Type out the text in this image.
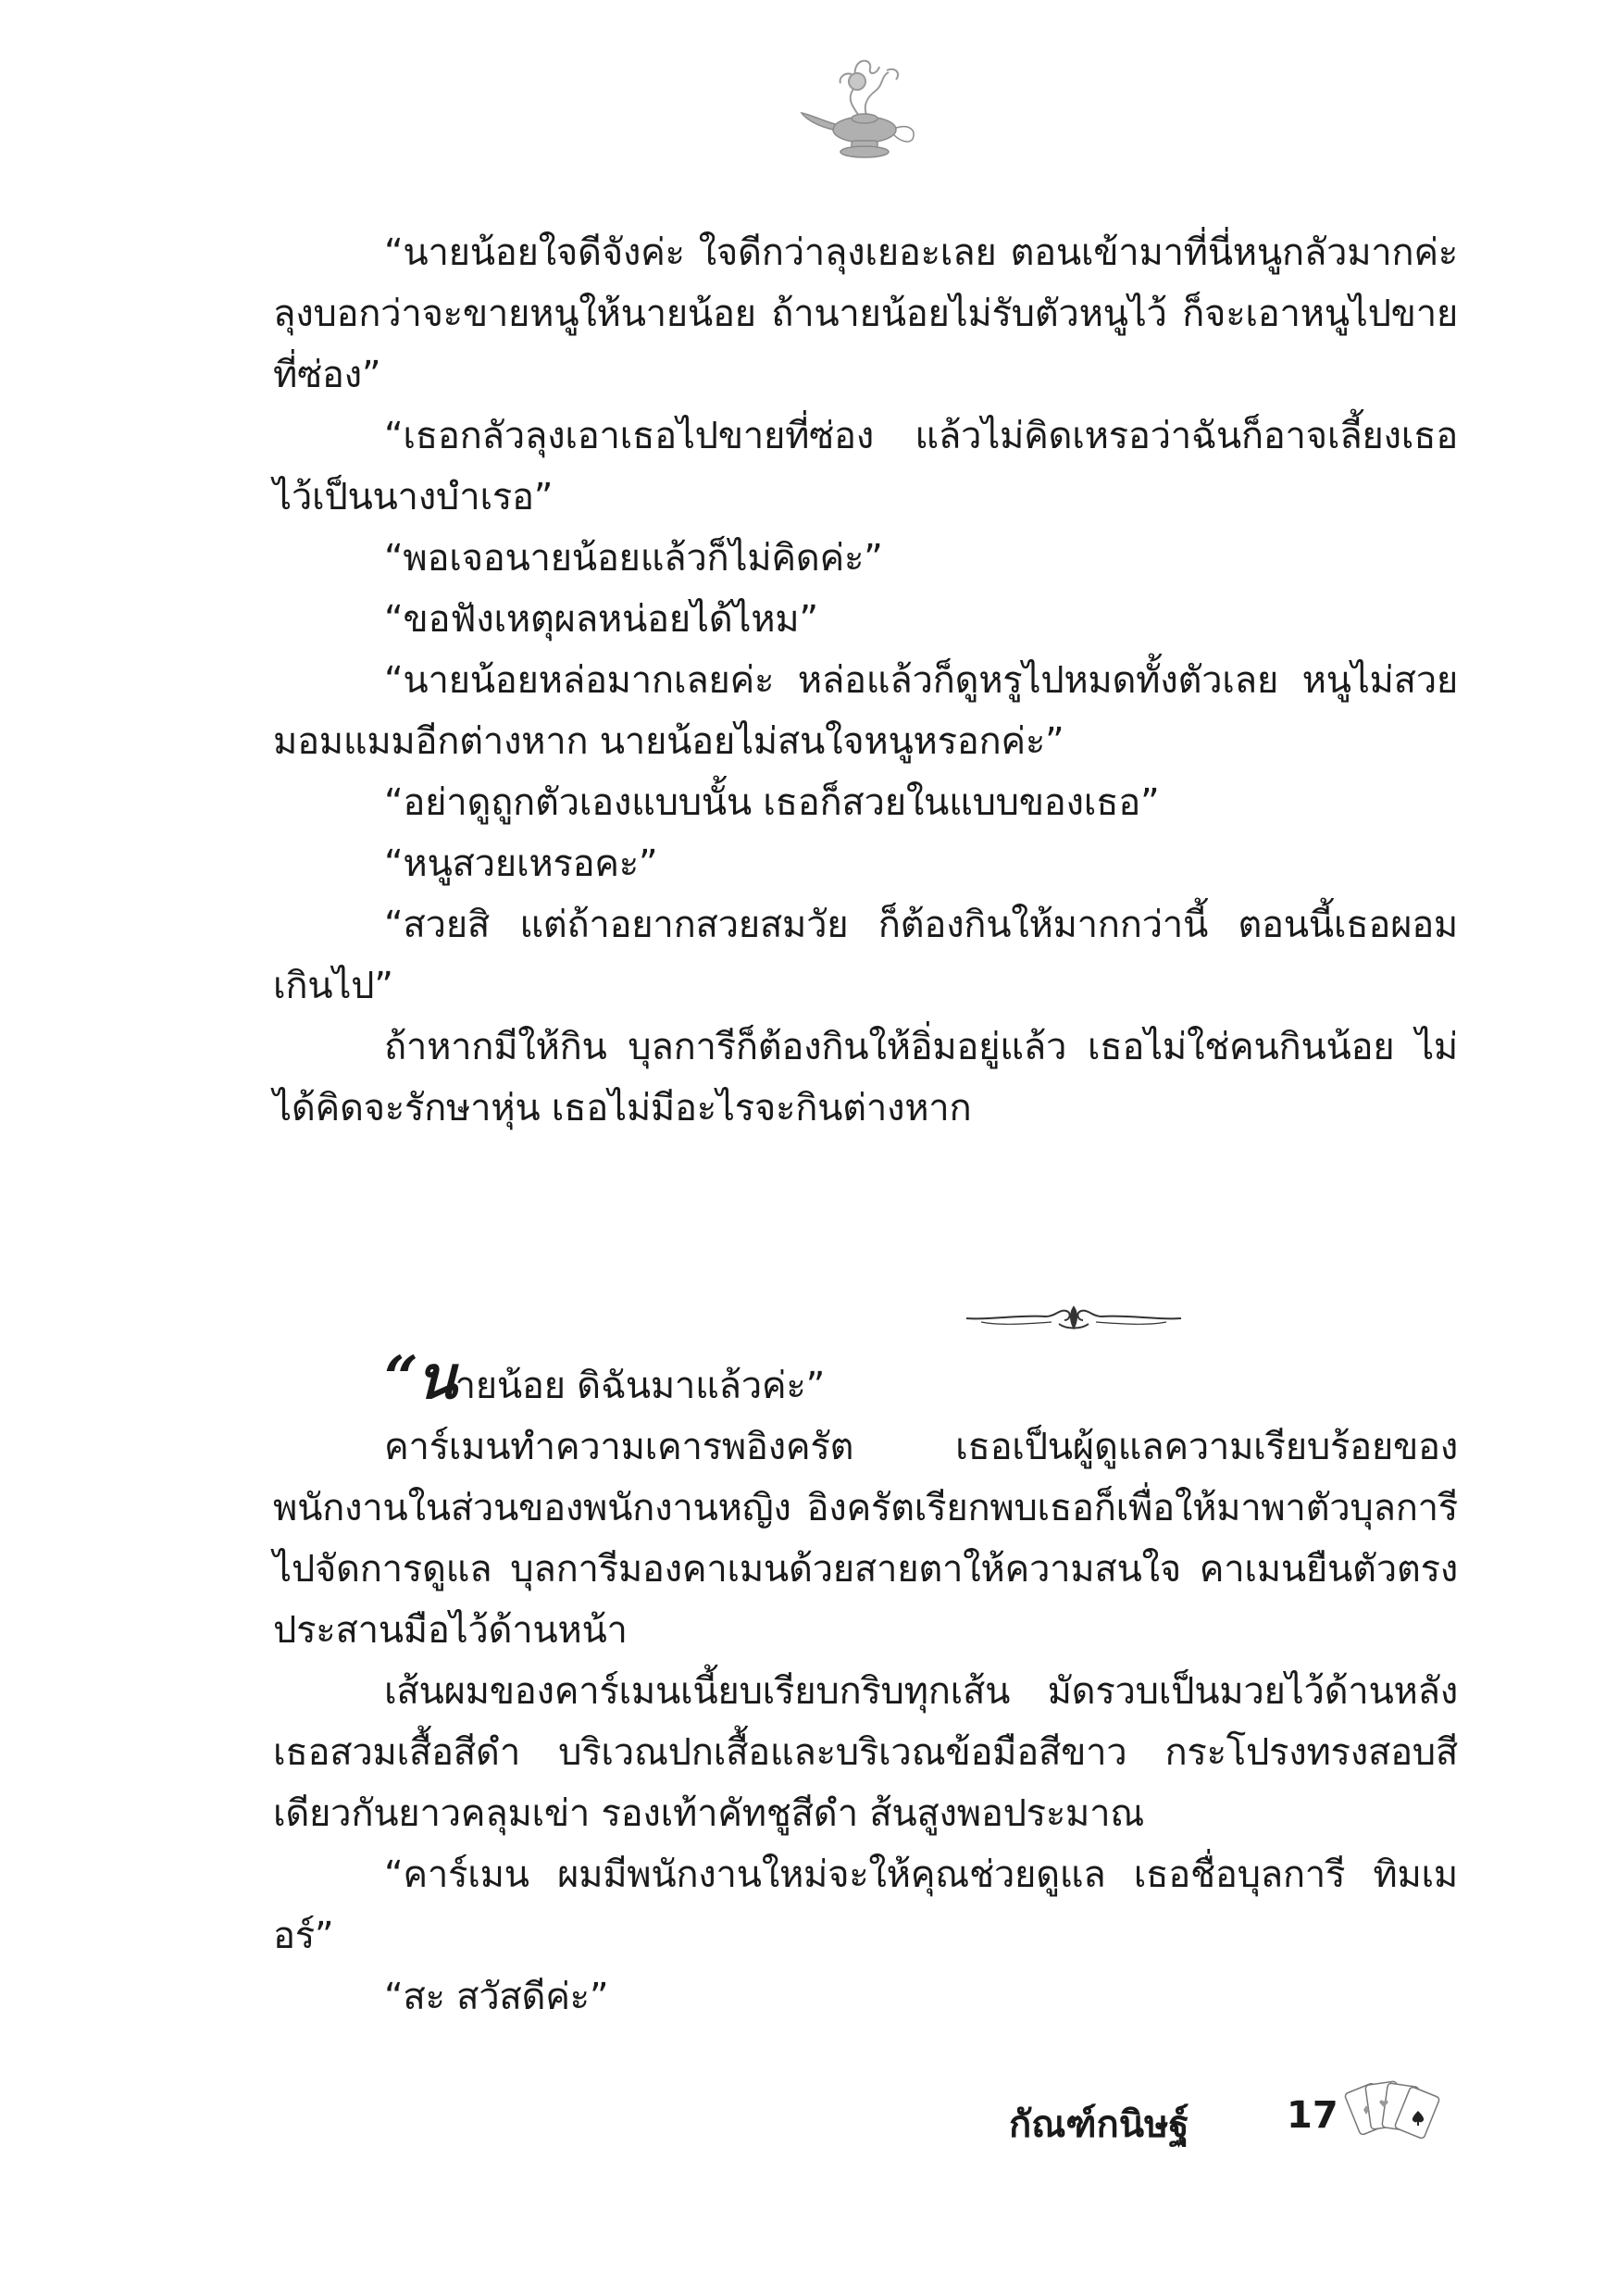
“นายน้อยใจดีจังค่ะ ใจดีกว่าลุงเยอะเลย ตอนเข้ามาที่นี่หนูกลัวมากค่ะ ลุงบอกว่าจะขายหนูให้นายน้อย ถ้านายน้อยไม่รับตัวหนูไว้ ก็จะเอาหนูไปขายที่ซ่อง”

“เธอกลัวลุงเอาเธอไปขายที่ซ่อง แล้วไม่คิดเหรอว่าฉันก็อาจเลี้ยงเธอไว้เป็นนางบำเรอ”

“พอเจอนายน้อยแล้วก็ไม่คิดค่ะ”

“ขอฟังเหตุผลหน่อยได้ไหม”

“นายน้อยหล่อมากเลยค่ะ หล่อแล้วก็ดูหรูไปหมดทั้งตัวเลย หนูไม่สวย มอมแมมอีกต่างหาก นายน้อยไม่สนใจหนูหรอกค่ะ”

“อย่าดูถูกตัวเองแบบนั้น เธอก็สวยในแบบของเธอ”

“หนูสวยเหรอคะ”

“สวยสิ แต่ถ้าอยากสวยสมวัย ก็ต้องกินให้มากกว่านี้ ตอนนี้เธอผอมเกินไป”

ถ้าหากมีให้กิน บุลการีก็ต้องกินให้อิ่มอยู่แล้ว เธอไม่ใช่คนกินน้อย ไม่ได้คิดจะรักษาหุ่น เธอไม่มีอะไรจะกินต่างหาก

“นายน้อย ดิฉันมาแล้วค่ะ”

คาร์เมนทำความเคารพอิงครัต เธอเป็นผู้ดูแลความเรียบร้อยของพนักงานในส่วนของพนักงานหญิง อิงครัตเรียกพบเธอก็เพื่อให้มาพาตัวบุลการีไปจัดการดูแล บุลการีมองคาเมนด้วยสายตาให้ความสนใจ คาเมนยืนตัวตรงประสานมือไว้ด้านหน้า

เส้นผมของคาร์เมนเนี้ยบเรียบกริบทุกเส้น มัดรวบเป็นมวยไว้ด้านหลัง เธอสวมเสื้อสีดำ บริเวณปกเสื้อและบริเวณข้อมือสีขาว กระโปรงทรงสอบสีเดียวกันยาวคลุมเข่า รองเท้าคัทชูสีดำ ส้นสูงพอประมาณ

“คาร์เมน ผมมีพนักงานใหม่จะให้คุณช่วยดูแล เธอชื่อบุลการี ทิมเมอร์”

“สะ สวัสดีค่ะ”

กัณฑ์กนิษฐ์	17
